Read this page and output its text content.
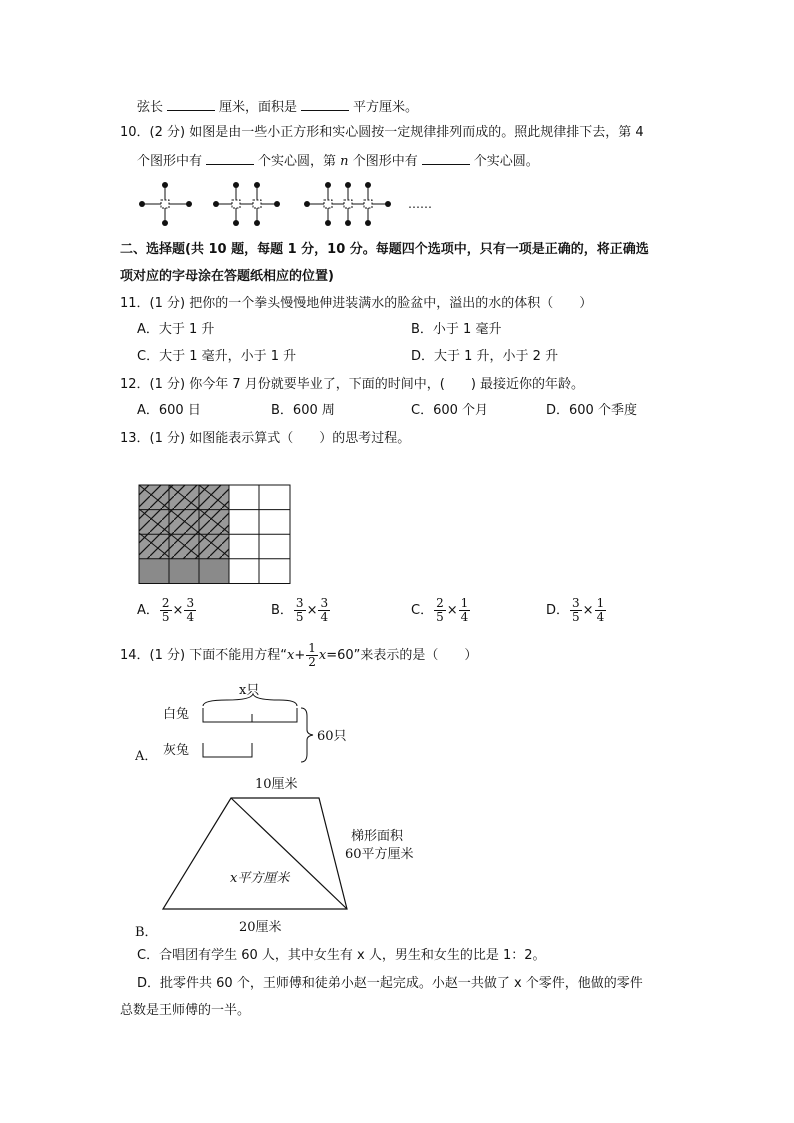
弦长	厘米，面积是	平方厘米。
10．(2 分) 如图是由一些小正方形和实心圆按一定规律排列而成的。照此规律排下去，第 4
个图形中有	个实心圆，第 n 个图形中有	个实心圆。
……
二、选择题(共 10 题，每题 1 分，10 分。每题四个选项中，只有一项是正确的，将正确选
项对应的字母涂在答题纸相应的位置)
11．(1 分) 把你的一个拳头慢慢地伸进装满水的脸盆中，溢出的水的体积（　　）
A．大于 1 升	B．小于 1 毫升
C．大于 1 毫升，小于 1 升	D．大于 1 升，小于 2 升
12．(1 分) 你今年 7 月份就要毕业了，下面的时间中，(　　) 最接近你的年龄。
A．600 日	B．600 周	C．600 个月	D．600 个季度
13．(1 分) 如图能表示算式（　　）的思考过程。
A． $\frac{2}{5} \times \frac{3}{4}$	B． $\frac{3}{5} \times \frac{3}{4}$	C． $\frac{2}{5} \times \frac{1}{4}$	D． $\frac{3}{5} \times \frac{1}{4}$
14．(1 分) 下面不能用方程“$x+ \frac{1}{2} x=60$”来表示的是（　　）
A．
x只
白兔
灰兔
60只
10厘米
梯形面积
60平方厘米
x平方厘米
B．	20厘米
C．合唱团有学生 60 人，其中女生有 x 人，男生和女生的比是 1：2。
D．批零件共 60 个，王师傅和徒弟小赵一起完成。小赵一共做了 x 个零件，他做的零件
总数是王师傅的一半。
